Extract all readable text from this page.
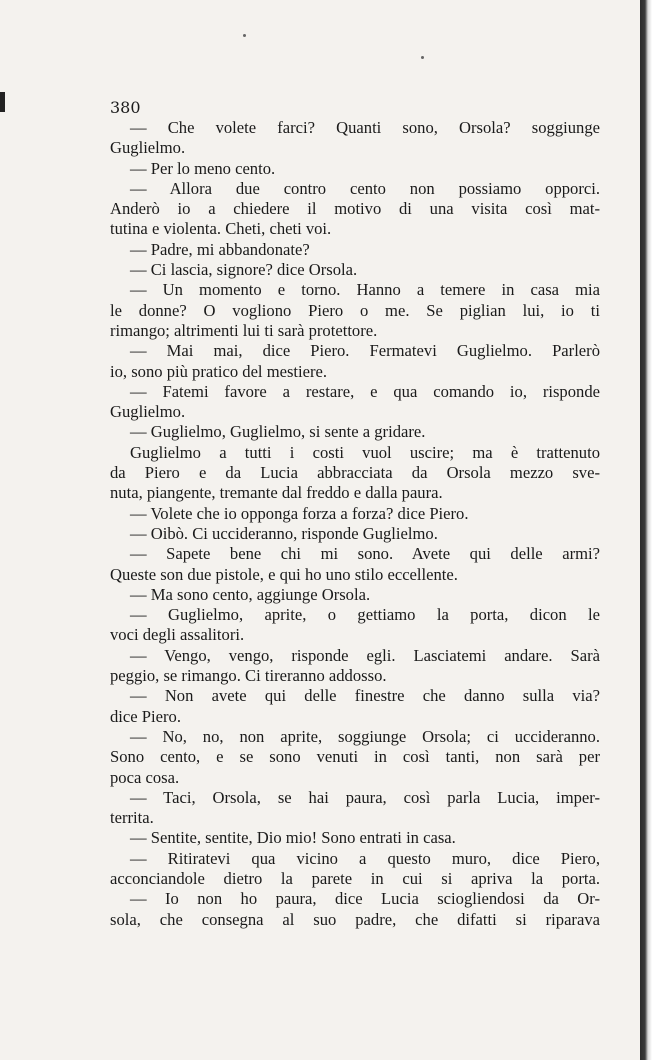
380
— Che volete farci? Quanti sono, Orsola? soggiunge
Guglielmo.
— Per lo meno cento.
— Allora due contro cento non possiamo opporci.
Anderò io a chiedere il motivo di una visita così mat-
tutina e violenta. Cheti, cheti voi.
— Padre, mi abbandonate?
— Ci lascia, signore? dice Orsola.
— Un momento e torno. Hanno a temere in casa mia
le donne? O vogliono Piero o me. Se piglian lui, io ti
rimango; altrimenti lui ti sarà protettore.
— Mai mai, dice Piero. Fermatevi Guglielmo. Parlerò
io, sono più pratico del mestiere.
— Fatemi favore a restare, e qua comando io, risponde
Guglielmo.
— Guglielmo, Guglielmo, si sente a gridare.
Guglielmo a tutti i costi vuol uscire; ma è trattenuto
da Piero e da Lucia abbracciata da Orsola mezzo sve-
nuta, piangente, tremante dal freddo e dalla paura.
— Volete che io opponga forza a forza? dice Piero.
— Oibò. Ci uccideranno, risponde Guglielmo.
— Sapete bene chi mi sono. Avete qui delle armi?
Queste son due pistole, e qui ho uno stilo eccellente.
— Ma sono cento, aggiunge Orsola.
— Guglielmo, aprite, o gettiamo la porta, dicon le
voci degli assalitori.
— Vengo, vengo, risponde egli. Lasciatemi andare. Sarà
peggio, se rimango. Ci tireranno addosso.
— Non avete qui delle finestre che danno sulla via?
dice Piero.
— No, no, non aprite, soggiunge Orsola; ci uccideranno.
Sono cento, e se sono venuti in così tanti, non sarà per
poca cosa.
— Taci, Orsola, se hai paura, così parla Lucia, imper-
territa.
— Sentite, sentite, Dio mio! Sono entrati in casa.
— Ritiratevi qua vicino a questo muro, dice Piero,
acconciandole dietro la parete in cui si apriva la porta.
— Io non ho paura, dice Lucia sciogliendosi da Or-
sola, che consegna al suo padre, che difatti si riparava
